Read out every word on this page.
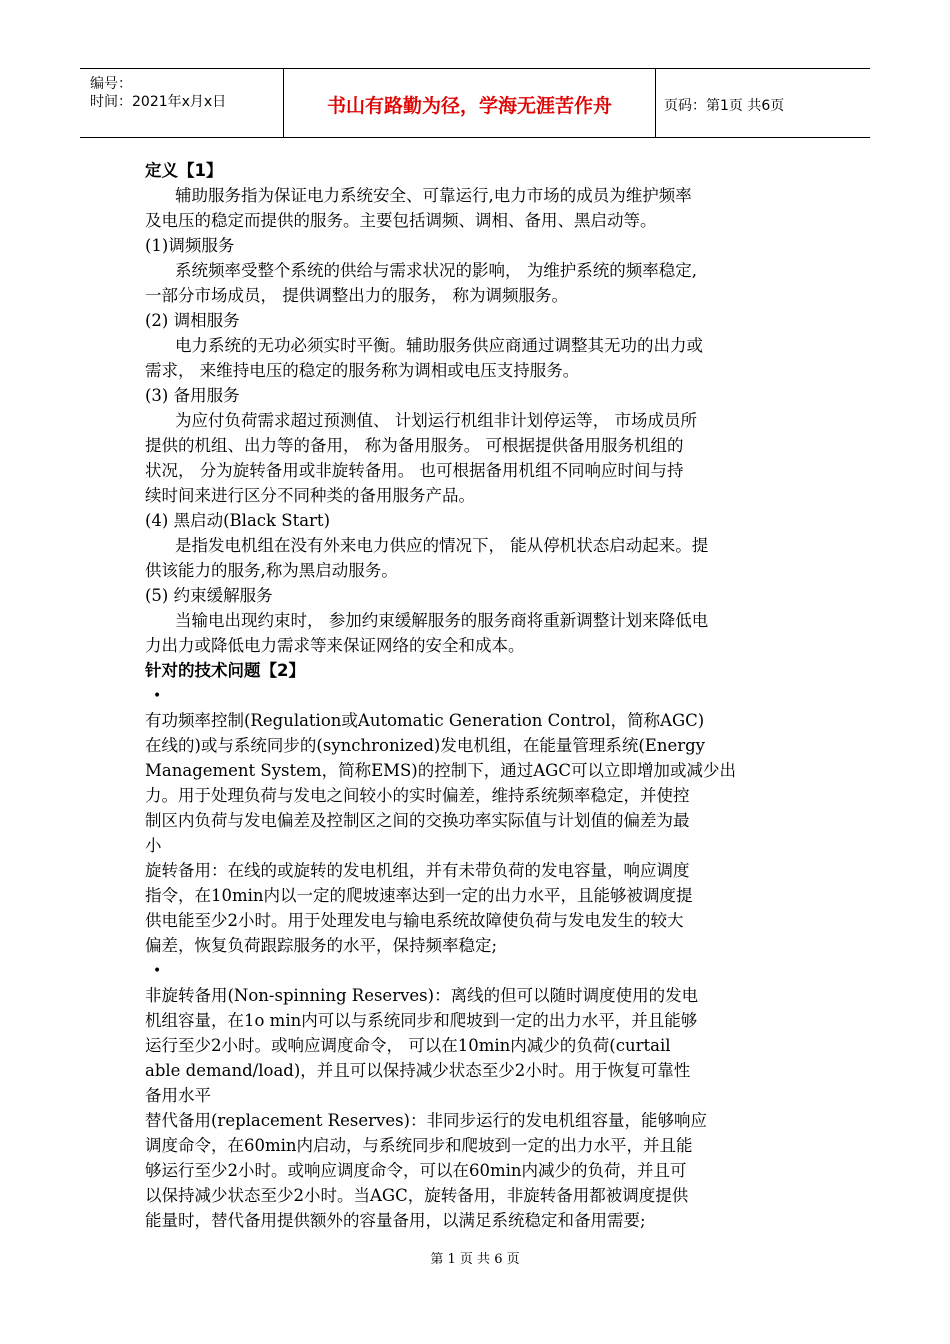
编号：
时间：2021年x月x日	书山有路勤为径，学海无涯苦作舟	页码：第1页 共6页
定义【1】
辅助服务指为保证电力系统安全、可靠运行,电力市场的成员为维护频率
及电压的稳定而提供的服务。主要包括调频、调相、备用、黑启动等。
(1)调频服务
系统频率受整个系统的供给与需求状况的影响， 为维护系统的频率稳定,
一部分市场成员， 提供调整出力的服务， 称为调频服务。
(2) 调相服务
电力系统的无功必须实时平衡。辅助服务供应商通过调整其无功的出力或
需求， 来维持电压的稳定的服务称为调相或电压支持服务。
(3) 备用服务
为应付负荷需求超过预测值、 计划运行机组非计划停运等， 市场成员所
提供的机组、出力等的备用， 称为备用服务。 可根据提供备用服务机组的
状况， 分为旋转备用或非旋转备用。 也可根据备用机组不同响应时间与持
续时间来进行区分不同种类的备用服务产品。
(4) 黑启动(Black Start)
是指发电机组在没有外来电力供应的情况下， 能从停机状态启动起来。提
供该能力的服务,称为黑启动服务。
(5) 约束缓解服务
当输电出现约束时， 参加约束缓解服务的服务商将重新调整计划来降低电
力出力或降低电力需求等来保证网络的安全和成本。
针对的技术问题【2】
•
有功频率控制(Regulation或Automatic Generation Control，简称AGC)
在线的)或与系统同步的(synchronized)发电机组，在能量管理系统(Energy
Management System，简称EMS)的控制下，通过AGC可以立即增加或减少出
力。用于处理负荷与发电之间较小的实时偏差，维持系统频率稳定，并使控
制区内负荷与发电偏差及控制区之间的交换功率实际值与计划值的偏差为最
小
旋转备用：在线的或旋转的发电机组，并有未带负荷的发电容量，响应调度
指令，在10min内以一定的爬坡速率达到一定的出力水平，且能够被调度提
供电能至少2小时。用于处理发电与输电系统故障使负荷与发电发生的较大
偏差，恢复负荷跟踪服务的水平，保持频率稳定;
•
非旋转备用(Non-spinning Reserves)：离线的但可以随时调度使用的发电
机组容量，在1o min内可以与系统同步和爬坡到一定的出力水平，并且能够
运行至少2小时。或响应调度命令， 可以在10min内减少的负荷(curtail
able demand/load)，并且可以保持减少状态至少2小时。用于恢复可靠性
备用水平
替代备用(replacement Reserves)：非同步运行的发电机组容量，能够响应
调度命令，在60min内启动，与系统同步和爬坡到一定的出力水平，并且能
够运行至少2小时。或响应调度命令，可以在60min内减少的负荷，并且可
以保持减少状态至少2小时。当AGC，旋转备用，非旋转备用都被调度提供
能量时，替代备用提供额外的容量备用，以满足系统稳定和备用需要;
第 1 页 共 6 页
